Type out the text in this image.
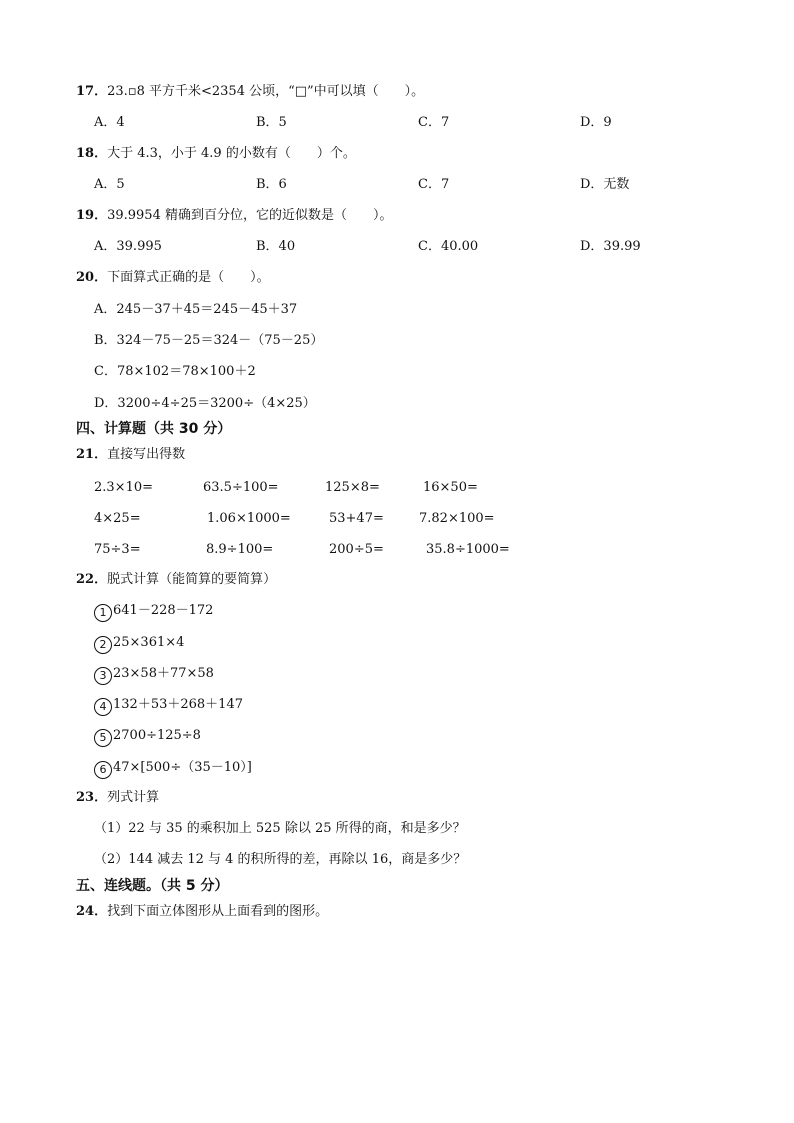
17．23.▫8 平方千米<2354 公顷，“□”中可以填（　　）。
A．4	B．5	C．7	D．9
18．大于 4.3，小于 4.9 的小数有（　　）个。
A．5	B．6	C．7	D．无数
19．39.9954 精确到百分位，它的近似数是（　　）。
A．39.995	B．40	C．40.00	D．39.99
20．下面算式正确的是（　　）。
A．245－37＋45＝245－45＋37
B．324－75－25＝324－（75－25）
C．78×102＝78×100＋2
D．3200÷4÷25＝3200÷（4×25）
四、计算题（共 30 分）
21．直接写出得数
2.3×10=	63.5÷100=	125×8=	16×50=
4×25=	1.06×1000=	53+47=	7.82×100=
75÷3=	8.9÷100=	200÷5=	35.8÷1000=
22．脱式计算（能简算的要简算）
1 641－228－172
2 25×361×4
3 23×58＋77×58
4 132＋53＋268＋147
5 2700÷125÷8
6 47×[500÷（35－10）]
23．列式计算
（1）22 与 35 的乘积加上 525 除以 25 所得的商，和是多少？
（2）144 减去 12 与 4 的积所得的差，再除以 16，商是多少？
五、连线题。（共 5 分）
24．找到下面立体图形从上面看到的图形。
